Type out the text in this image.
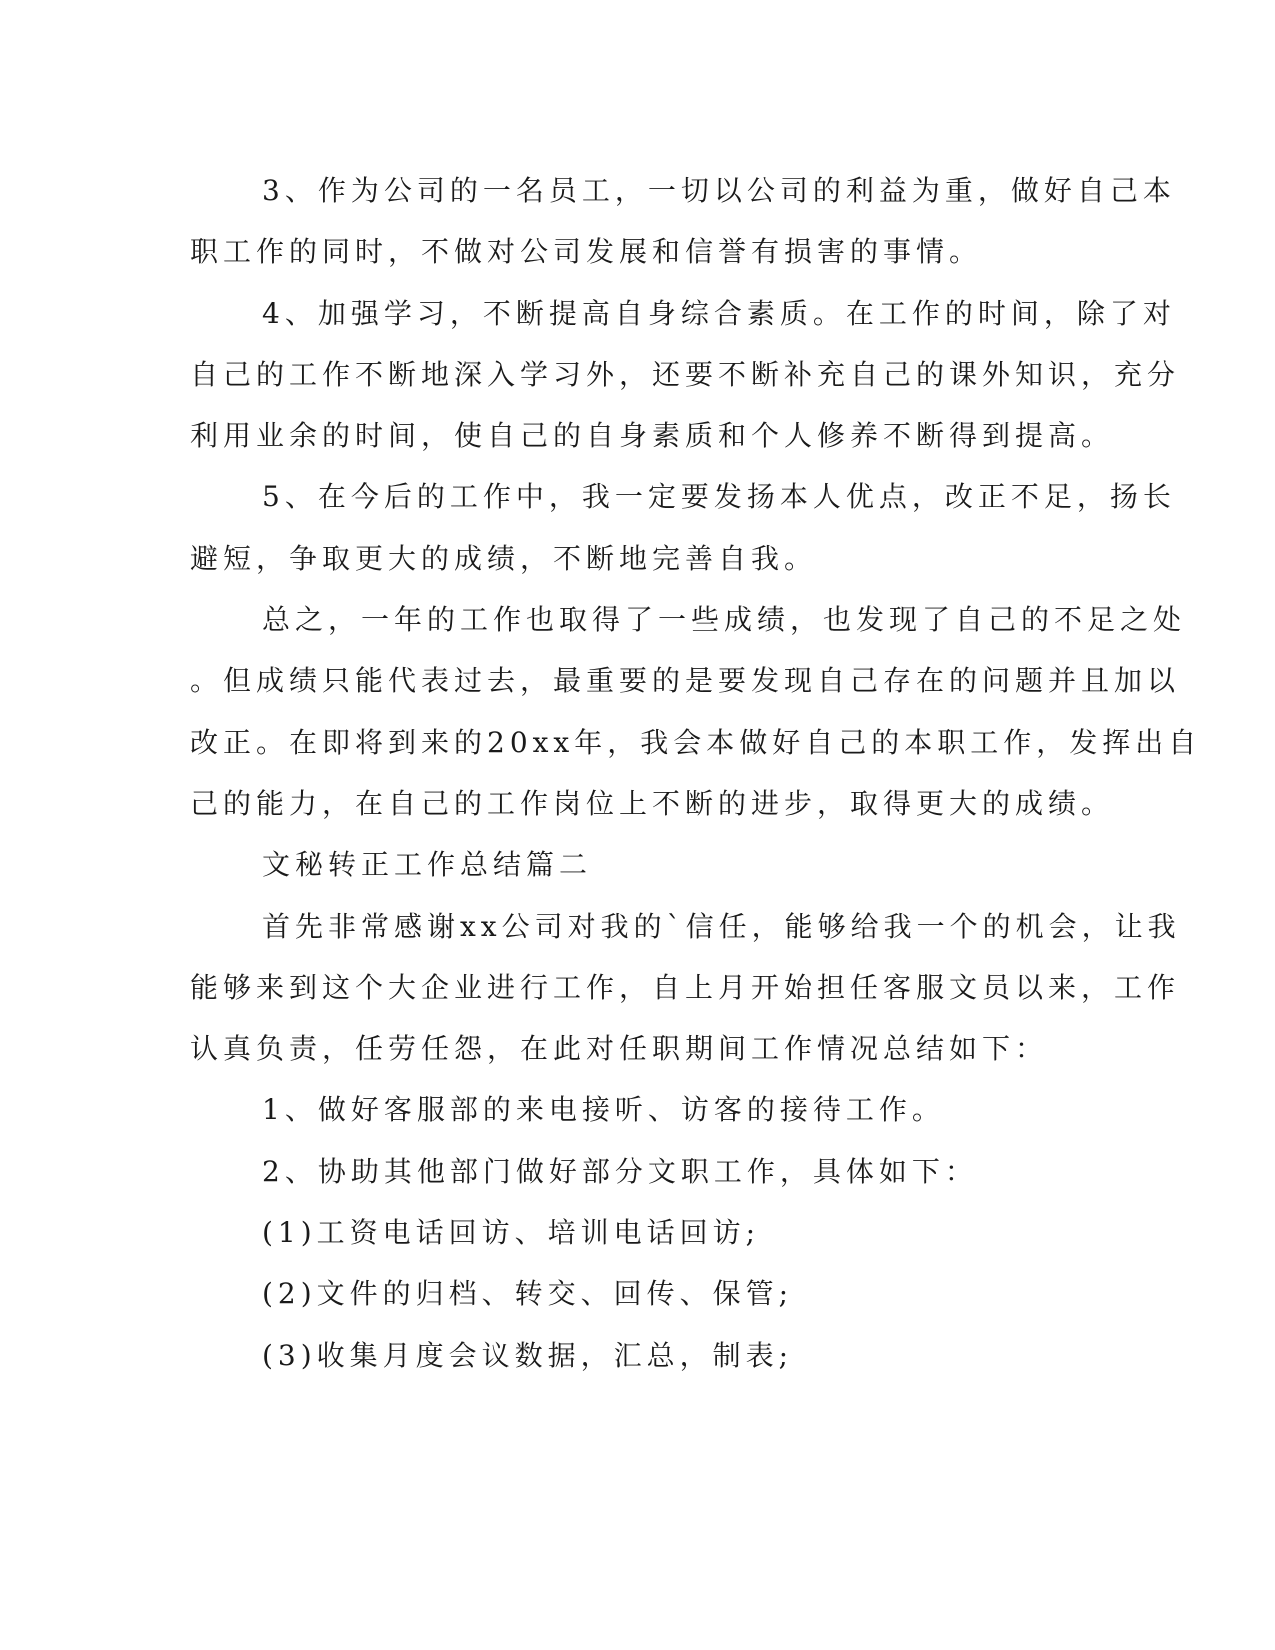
3、作为公司的一名员工，一切以公司的利益为重，做好自己本
职工作的同时，不做对公司发展和信誉有损害的事情。
4、加强学习，不断提高自身综合素质。在工作的时间，除了对
自己的工作不断地深入学习外，还要不断补充自己的课外知识，充分
利用业余的时间，使自己的自身素质和个人修养不断得到提高。
5、在今后的工作中，我一定要发扬本人优点，改正不足，扬长
避短，争取更大的成绩，不断地完善自我。
总之，一年的工作也取得了一些成绩，也发现了自己的不足之处
。但成绩只能代表过去，最重要的是要发现自己存在的问题并且加以
改正。在即将到来的20xx年，我会本做好自己的本职工作，发挥出自
己的能力，在自己的工作岗位上不断的进步，取得更大的成绩。
文秘转正工作总结篇二
首先非常感谢xx公司对我的`信任，能够给我一个的机会，让我
能够来到这个大企业进行工作，自上月开始担任客服文员以来，工作
认真负责，任劳任怨，在此对任职期间工作情况总结如下：
1、做好客服部的来电接听、访客的接待工作。
2、协助其他部门做好部分文职工作，具体如下：
(1)工资电话回访、培训电话回访;
(2)文件的归档、转交、回传、保管;
(3)收集月度会议数据，汇总，制表;
